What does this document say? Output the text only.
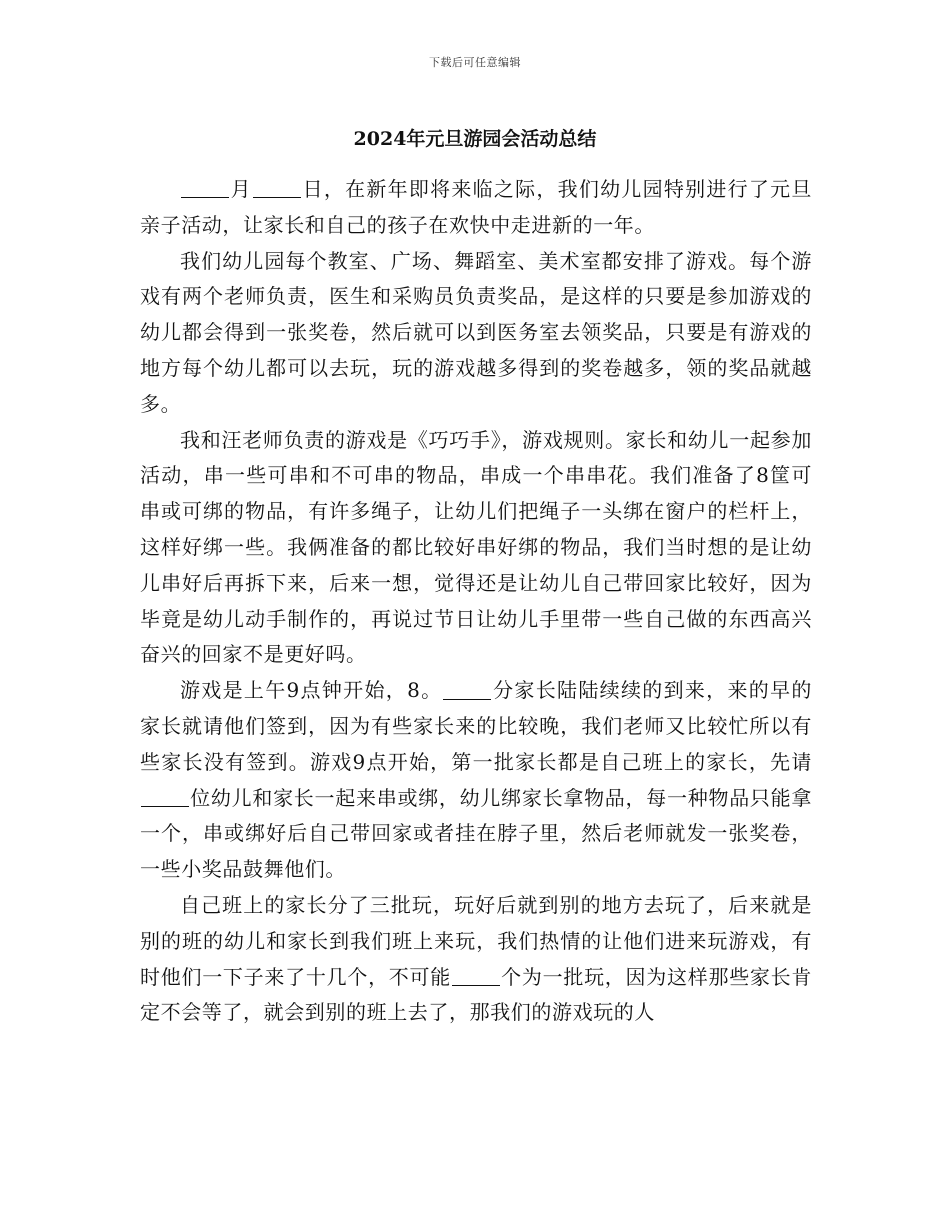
下载后可任意编辑
2024年元旦游园会活动总结

月	日，在新年即将来临之际，我们幼儿园特别进行了元旦亲子活动，让家长和自己的孩子在欢快中走进新的一年。

我们幼儿园每个教室、广场、舞蹈室、美术室都安排了游戏。每个游戏有两个老师负责，医生和采购员负责奖品，是这样的只要是参加游戏的幼儿都会得到一张奖卷，然后就可以到医务室去领奖品，只要是有游戏的地方每个幼儿都可以去玩，玩的游戏越多得到的奖卷越多，领的奖品就越多。

我和汪老师负责的游戏是《巧巧手》，游戏规则。家长和幼儿一起参加活动，串一些可串和不可串的物品，串成一个串串花。我们准备了8筐可串或可绑的物品，有许多绳子，让幼儿们把绳子一头绑在窗户的栏杆上，这样好绑一些。我俩准备的都比较好串好绑的物品，我们当时想的是让幼儿串好后再拆下来，后来一想，觉得还是让幼儿自己带回家比较好，因为毕竟是幼儿动手制作的，再说过节日让幼儿手里带一些自己做的东西高兴奋兴的回家不是更好吗。

游戏是上午9点钟开始，8。	分家长陆陆续续的到来，来的早的家长就请他们签到，因为有些家长来的比较晚，我们老师又比较忙所以有些家长没有签到。游戏9点开始，第一批家长都是自己班上的家长，先请位幼儿和家长一起来串或绑，幼儿绑家长拿物品，每一种物品只能拿一个，串或绑好后自己带回家或者挂在脖子里，然后老师就发一张奖卷，一些小奖品鼓舞他们。

自己班上的家长分了三批玩，玩好后就到别的地方去玩了，后来就是别的班的幼儿和家长到我们班上来玩，我们热情的让他们进来玩游戏，有时他们一下子来了十几个，不可能	个为一批玩，因为这样那些家长肯定不会等了，就会到别的班上去了，那我们的游戏玩的人
